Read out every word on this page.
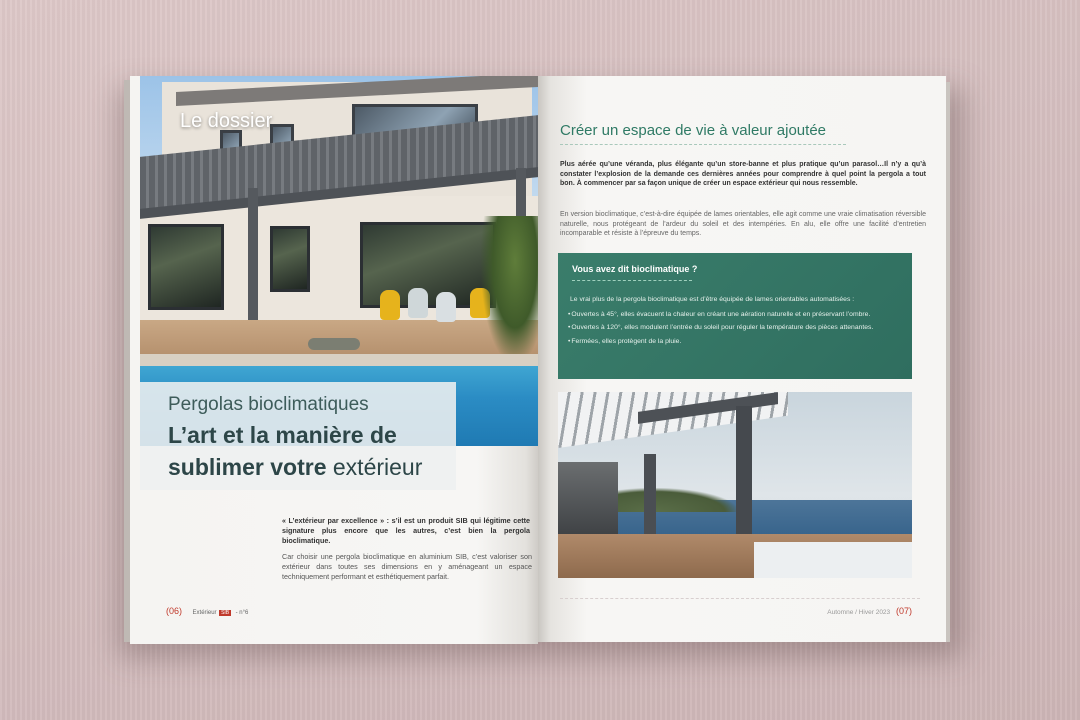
Le dossier
Pergolas bioclimatiques
L’art et la manière de
sublimer votre extérieur
« L’extérieur par excellence » : s’il est un produit SIB qui légitime cette signature plus encore que les autres, c’est bien la pergola bioclimatique.
Car choisir une pergola bioclimatique en aluminium SIB, c’est valoriser son extérieur dans toutes ses dimensions en y aménageant un espace techniquement performant et esthétiquement parfait.
(06) Extérieur SIB - n°6
Créer un espace de vie à valeur ajoutée
Plus aérée qu’une véranda, plus élégante qu’un store-banne et plus pratique qu’un parasol…Il n’y a qu’à constater l’explosion de la demande ces dernières années pour comprendre à quel point la pergola a tout bon. À commencer par sa façon unique de créer un espace extérieur qui nous ressemble.
En version bioclimatique, c’est-à-dire équipée de lames orientables, elle agit comme une vraie climatisation réversible naturelle, nous protégeant de l’ardeur du soleil et des intempéries. En alu, elle offre une facilité d’entretien incomparable et résiste à l’épreuve du temps.
Vous avez dit bioclimatique ?
Le vrai plus de la pergola bioclimatique est d’être équipée de lames orientables automatisées :
• Ouvertes à 45°, elles évacuent la chaleur en créant une aération naturelle et en préservant l’ombre.
• Ouvertes à 120°, elles modulent l’entrée du soleil pour réguler la température des pièces attenantes.
• Fermées, elles protègent de la pluie.
Automne / Hiver 2023 (07)
